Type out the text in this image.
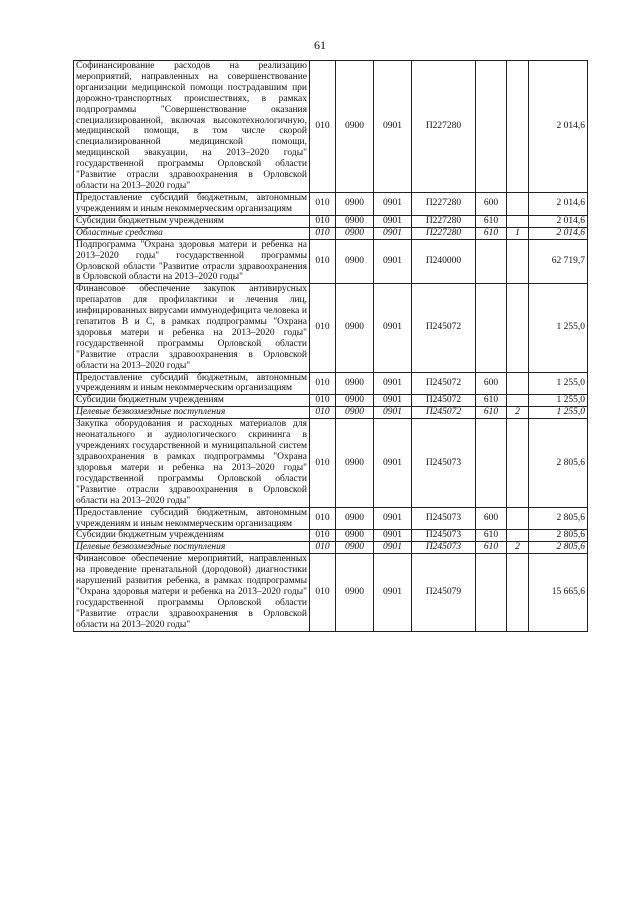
61
Софинансирование расходов на реализацию мероприятий, направленных на совершенствование организации медицинской помощи пострадавшим при дорожно-транспортных происшествиях, в рамках подпрограммы "Совершенствование оказания специализированной, включая высокотехнологичную, медицинской помощи, в том числе скорой специализированной медицинской помощи, медицинской эвакуации, на 2013–2020 годы" государственной программы Орловской области "Развитие отрасли здравоохранения в Орловской области на 2013–2020 годы"	010	0900	0901	П227280			2 014,6
Предоставление субсидий бюджетным, автономным учреждениям и иным некоммерческим организациям	010	0900	0901	П227280	600		2 014,6
Субсидии бюджетным учреждениям	010	0900	0901	П227280	610		2 014,6
Областные средства	010	0900	0901	П227280	610	1	2 014,6
Подпрограмма "Охрана здоровья матери и ребенка на 2013–2020 годы" государственной программы Орловской области "Развитие отрасли здравоохранения в Орловской области на 2013–2020 годы"	010	0900	0901	П240000			62 719,7
Финансовое обеспечение закупок антивирусных препаратов для профилактики и лечения лиц, инфицированных вирусами иммунодефицита человека и гепатитов В и С, в рамках подпрограммы "Охрана здоровья матери и ребенка на 2013–2020 годы" государственной программы Орловской области "Развитие отрасли здравоохранения в Орловской области на 2013–2020 годы"	010	0900	0901	П245072			1 255,0
Предоставление субсидий бюджетным, автономным учреждениям и иным некоммерческим организациям	010	0900	0901	П245072	600		1 255,0
Субсидии бюджетным учреждениям	010	0900	0901	П245072	610		1 255,0
Целевые безвозмездные поступления	010	0900	0901	П245072	610	2	1 255,0
Закупка оборудования и расходных материалов для неонатального и аудиологического скрининга в учреждениях государственной и муниципальной систем здравоохранения в рамках подпрограммы "Охрана здоровья матери и ребенка на 2013–2020 годы" государственной программы Орловской области "Развитие отрасли здравоохранения в Орловской области на 2013–2020 годы"	010	0900	0901	П245073			2 805,6
Предоставление субсидий бюджетным, автономным учреждениям и иным некоммерческим организациям	010	0900	0901	П245073	600		2 805,6
Субсидии бюджетным учреждениям	010	0900	0901	П245073	610		2 805,6
Целевые безвозмездные поступления	010	0900	0901	П245073	610	2	2 805,6
Финансовое обеспечение мероприятий, направленных на проведение пренатальной (дородовой) диагностики нарушений развития ребенка, в рамках подпрограммы "Охрана здоровья матери и ребенка на 2013–2020 годы" государственной программы Орловской области "Развитие отрасли здравоохранения в Орловской области на 2013–2020 годы"	010	0900	0901	П245079			15 665,6
